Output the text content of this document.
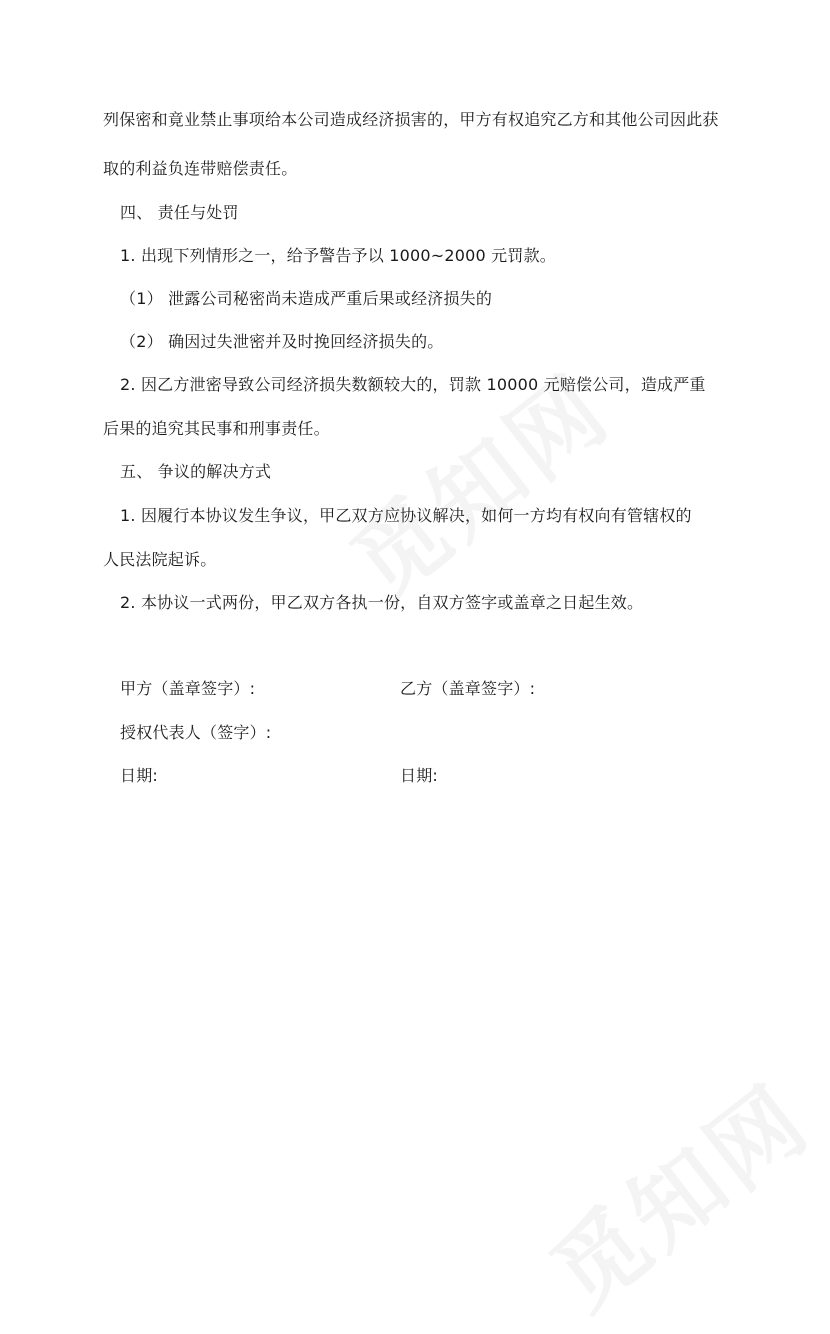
列保密和竟业禁止事项给本公司造成经济损害的，甲方有权追究乙方和其他公司因此获
取的利益负连带赔偿责任。
四、 责任与处罚
1. 出现下列情形之一，给予警告予以 1000~2000 元罚款。
（1） 泄露公司秘密尚未造成严重后果或经济损失的
（2） 确因过失泄密并及时挽回经济损失的。
2. 因乙方泄密导致公司经济损失数额较大的，罚款 10000 元赔偿公司，造成严重
后果的追究其民事和刑事责任。
五、 争议的解决方式
1. 因履行本协议发生争议，甲乙双方应协议解决，如何一方均有权向有管辖权的
人民法院起诉。
2. 本协议一式两份，甲乙双方各执一份，自双方签字或盖章之日起生效。
甲方（盖章签字）:	乙方（盖章签字）:
授权代表人（签字）:
日期:	日期:
